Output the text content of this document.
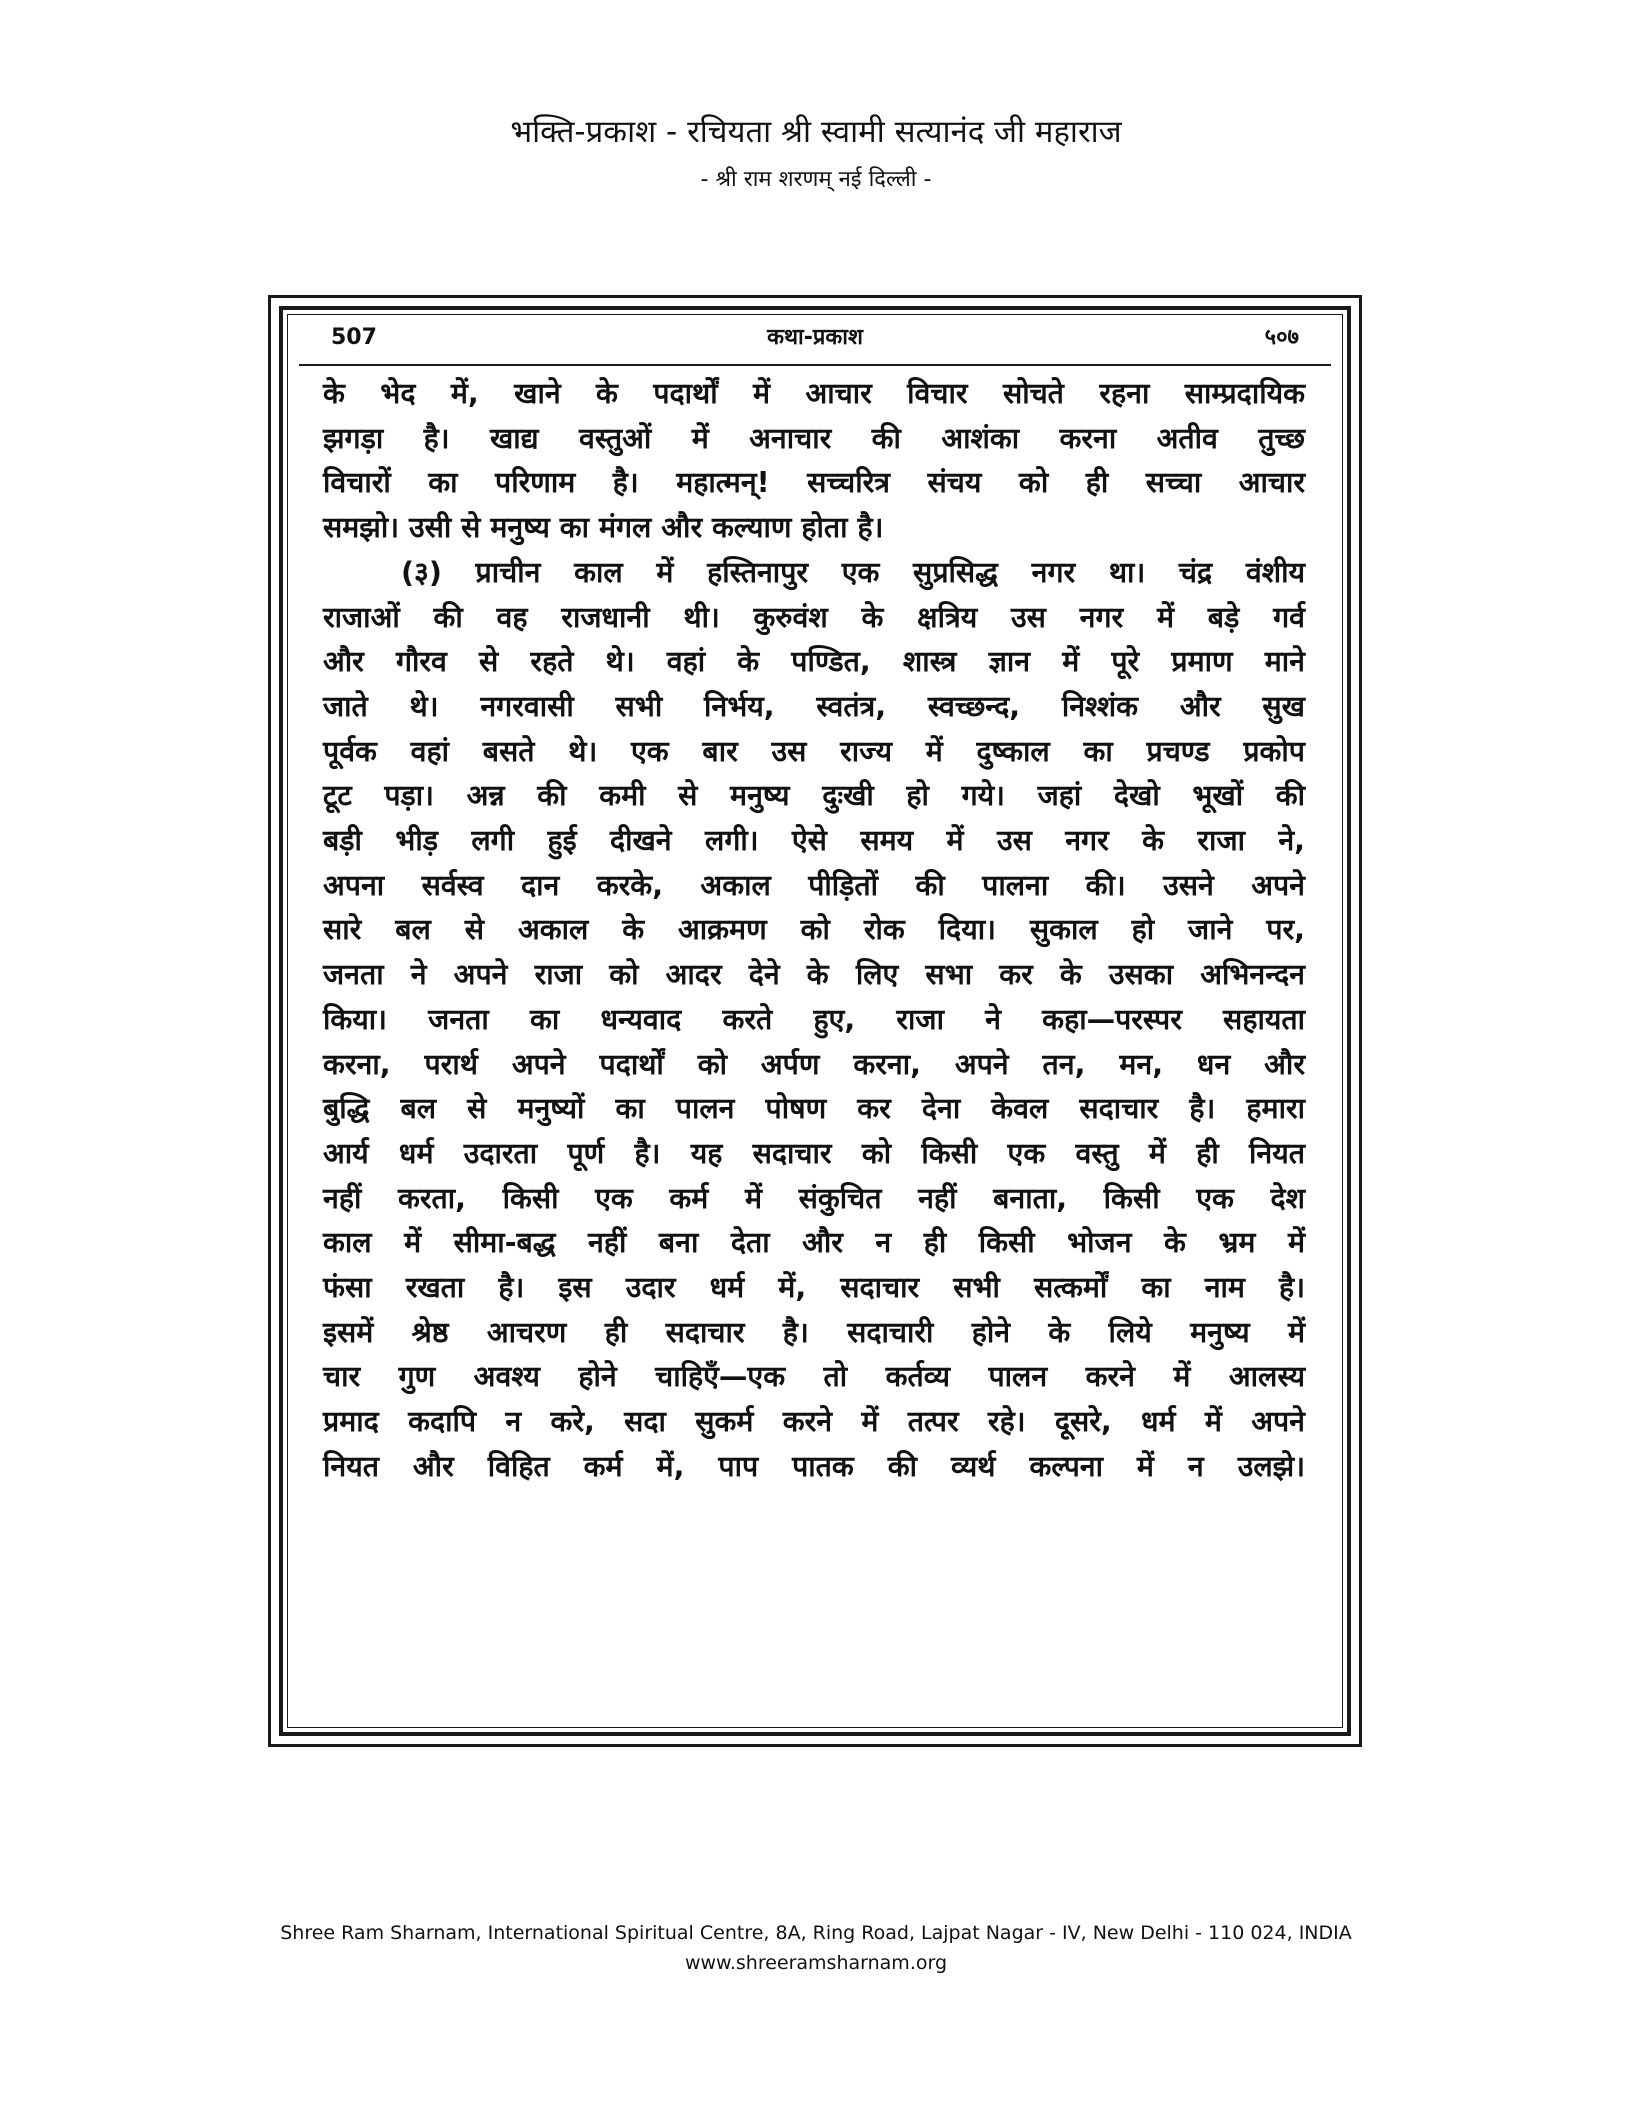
भक्ति-प्रकाश - रचियता श्री स्वामी सत्यानंद जी महाराज
- श्री राम शरणम् नई दिल्ली -
507	कथा-प्रकाश	५०७
के भेद में, खाने के पदार्थों में आचार विचार सोचते रहना साम्प्रदायिक
झगड़ा है। खाद्य वस्तुओं में अनाचार की आशंका करना अतीव तुच्छ
विचारों का परिणाम है। महात्मन्! सच्चरित्र संचय को ही सच्चा आचार
समझो। उसी से मनुष्य का मंगल और कल्याण होता है।
(३) प्राचीन काल में हस्तिनापुर एक सुप्रसिद्ध नगर था। चंद्र वंशीय
राजाओं की वह राजधानी थी। कुरुवंश के क्षत्रिय उस नगर में बड़े गर्व
और गौरव से रहते थे। वहां के पण्डित, शास्त्र ज्ञान में पूरे प्रमाण माने
जाते थे। नगरवासी सभी निर्भय, स्वतंत्र, स्वच्छन्द, निश्शंक और सुख
पूर्वक वहां बसते थे। एक बार उस राज्य में दुष्काल का प्रचण्ड प्रकोप
टूट पड़ा। अन्न की कमी से मनुष्य दुःखी हो गये। जहां देखो भूखों की
बड़ी भीड़ लगी हुई दीखने लगी। ऐसे समय में उस नगर के राजा ने,
अपना सर्वस्व दान करके, अकाल पीड़ितों की पालना की। उसने अपने
सारे बल से अकाल के आक्रमण को रोक दिया। सुकाल हो जाने पर,
जनता ने अपने राजा को आदर देने के लिए सभा कर के उसका अभिनन्दन
किया। जनता का धन्यवाद करते हुए, राजा ने कहा—परस्पर सहायता
करना, परार्थ अपने पदार्थों को अर्पण करना, अपने तन, मन, धन और
बुद्धि बल से मनुष्यों का पालन पोषण कर देना केवल सदाचार है। हमारा
आर्य धर्म उदारता पूर्ण है। यह सदाचार को किसी एक वस्तु में ही नियत
नहीं करता, किसी एक कर्म में संकुचित नहीं बनाता, किसी एक देश
काल में सीमा-बद्ध नहीं बना देता और न ही किसी भोजन के भ्रम में
फंसा रखता है। इस उदार धर्म में, सदाचार सभी सत्कर्मों का नाम है।
इसमें श्रेष्ठ आचरण ही सदाचार है। सदाचारी होने के लिये मनुष्य में
चार गुण अवश्य होने चाहिएँ—एक तो कर्तव्य पालन करने में आलस्य
प्रमाद कदापि न करे, सदा सुकर्म करने में तत्पर रहे। दूसरे, धर्म में अपने
नियत और विहित कर्म में, पाप पातक की व्यर्थ कल्पना में न उलझे।
Shree Ram Sharnam, International Spiritual Centre, 8A, Ring Road, Lajpat Nagar - IV, New Delhi - 110 024, INDIA
www.shreeramsharnam.org
